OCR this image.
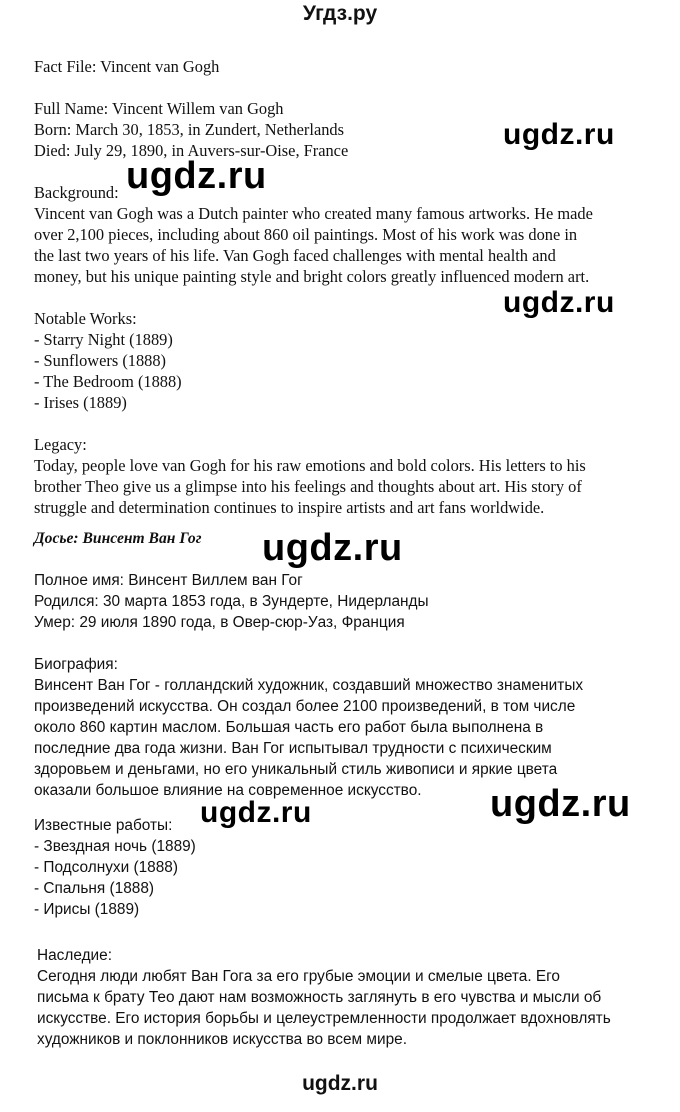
Угдз.ру
Fact File: Vincent van Gogh
Full Name: Vincent Willem van Gogh
Born: March 30, 1853, in Zundert, Netherlands
Died: July 29, 1890, in Auvers-sur-Oise, France
Background:
Vincent van Gogh was a Dutch painter who created many famous artworks. He made
over 2,100 pieces, including about 860 oil paintings. Most of his work was done in
the last two years of his life. Van Gogh faced challenges with mental health and
money, but his unique painting style and bright colors greatly influenced modern art.
Notable Works:
- Starry Night (1889)
- Sunflowers (1888)
- The Bedroom (1888)
- Irises (1889)
Legacy:
Today, people love van Gogh for his raw emotions and bold colors. His letters to his
brother Theo give us a glimpse into his feelings and thoughts about art. His story of
struggle and determination continues to inspire artists and art fans worldwide.
Досье: Винсент Ван Гог
Полное имя: Винсент Виллем ван Гог
Родился: 30 марта 1853 года, в Зундерте, Нидерланды
Умер: 29 июля 1890 года, в Овер-сюр-Уаз, Франция
Биография:
Винсент Ван Гог - голландский художник, создавший множество знаменитых
произведений искусства. Он создал более 2100 произведений, в том числе
около 860 картин маслом. Большая часть его работ была выполнена в
последние два года жизни. Ван Гог испытывал трудности с психическим
здоровьем и деньгами, но его уникальный стиль живописи и яркие цвета
оказали большое влияние на современное искусство.
Известные работы:
- Звездная ночь (1889)
- Подсолнухи (1888)
- Спальня (1888)
- Ирисы (1889)
Наследие:
Сегодня люди любят Ван Гога за его грубые эмоции и смелые цвета. Его
письма к брату Тео дают нам возможность заглянуть в его чувства и мысли об
искусстве. Его история борьбы и целеустремленности продолжает вдохновлять
художников и поклонников искусства во всем мире.
ugdz.ru
ugdz.ru
ugdz.ru
ugdz.ru
ugdz.ru
ugdz.ru
ugdz.ru
